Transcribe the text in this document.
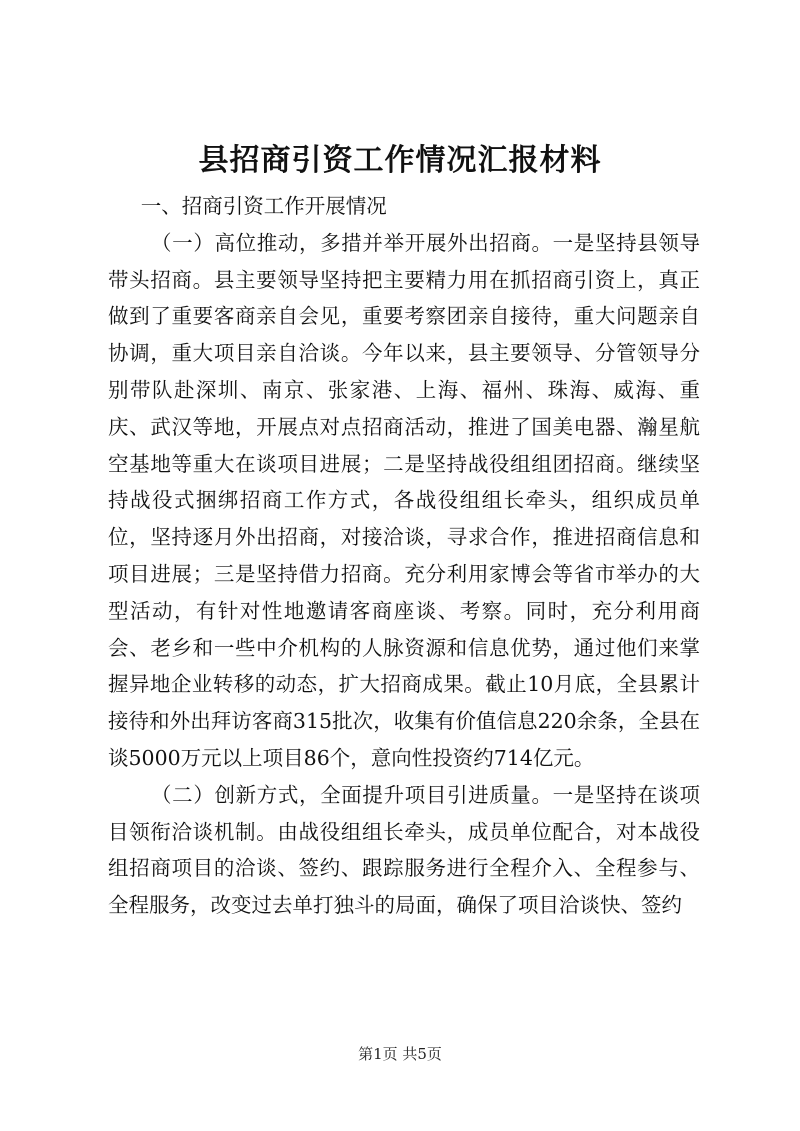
县招商引资工作情况汇报材料

一、招商引资工作开展情况

（一）高位推动，多措并举开展外出招商。一是坚持县领导带头招商。县主要领导坚持把主要精力用在抓招商引资上，真正做到了重要客商亲自会见，重要考察团亲自接待，重大问题亲自协调，重大项目亲自洽谈。今年以来，县主要领导、分管领导分别带队赴深圳、南京、张家港、上海、福州、珠海、威海、重庆、武汉等地，开展点对点招商活动，推进了国美电器、瀚星航空基地等重大在谈项目进展；二是坚持战役组组团招商。继续坚持战役式捆绑招商工作方式，各战役组组长牵头，组织成员单位，坚持逐月外出招商，对接洽谈，寻求合作，推进招商信息和项目进展；三是坚持借力招商。充分利用家博会等省市举办的大型活动，有针对性地邀请客商座谈、考察。同时，充分利用商会、老乡和一些中介机构的人脉资源和信息优势，通过他们来掌握异地企业转移的动态，扩大招商成果。截止10月底，全县累计接待和外出拜访客商315批次，收集有价值信息220余条，全县在谈5000万元以上项目86个，意向性投资约714亿元。

（二）创新方式，全面提升项目引进质量。一是坚持在谈项目领衔洽谈机制。由战役组组长牵头，成员单位配合，对本战役组招商项目的洽谈、签约、跟踪服务进行全程介入、全程参与、全程服务，改变过去单打独斗的局面，确保了项目洽谈快、签约

第1页 共5页
